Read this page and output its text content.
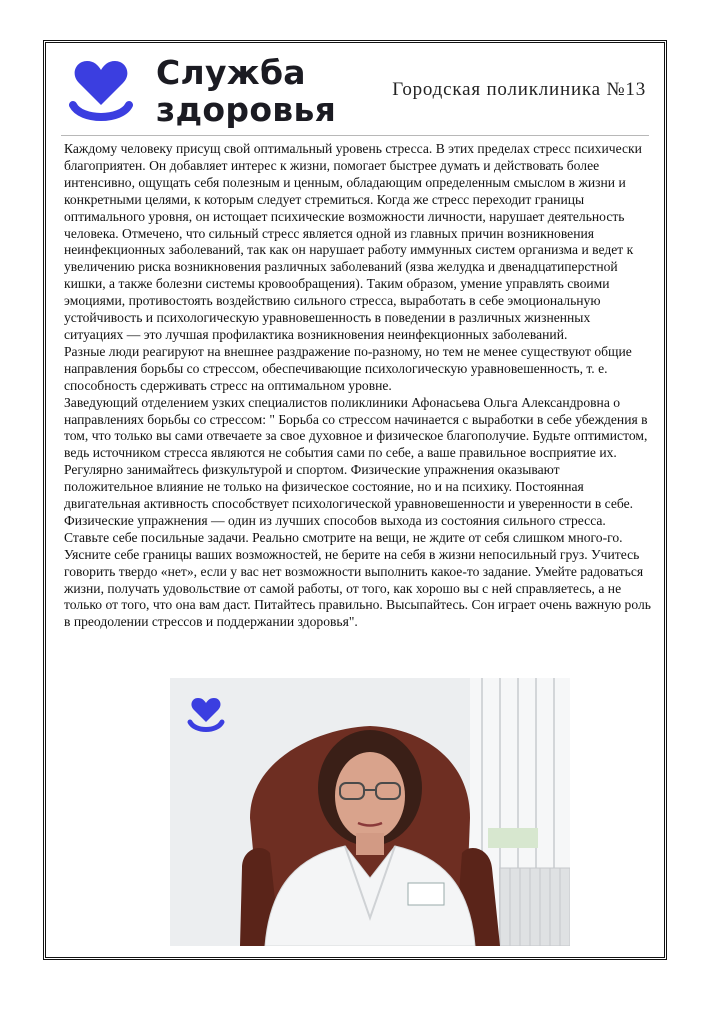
Служба
здоровья
Городская поликлиника №13

Каждому человеку присущ свой оптимальный уровень стресса. В этих пределах стресс психически благоприятен. Он добавляет интерес к жизни, помогает быстрее думать и действовать более интенсивно, ощущать себя полезным и ценным, обладающим определенным смыслом в жизни и конкретными целями, к которым следует стремиться. Когда же стресс переходит границы оптимального уровня, он истощает психические возможности личности, нарушает деятельность человека. Отмечено, что сильный стресс является одной из главных причин возникновения неинфекционных заболеваний, так как он нарушает работу иммунных систем организма и ведет к увеличению риска возникновения различных заболеваний (язва желудка и двенадцатиперстной кишки, а также болезни системы кровообращения). Таким образом, умение управлять своими эмоциями, противостоять воздействию сильного стресса, выработать в себе эмоциональную устойчивость и психологическую уравновешенность в поведении в различных жизненных ситуациях — это лучшая профилактика возникновения неинфекционных заболеваний.

Разные люди реагируют на внешнее раздражение по-разному, но тем не менее существуют общие направления борьбы со стрессом, обеспечивающие психологическую уравновешенность, т. е. способность сдерживать стресс на оптимальном уровне.

Заведующий отделением узких специалистов поликлиники Афонасьева Ольга Александровна о направлениях борьбы со стрессом: " Борьба со стрессом начинается с выработки в себе убеждения в том, что только вы сами отвечаете за свое духовное и физическое благополучие. Будьте оптимистом, ведь источником стресса являются не события сами по себе, а ваше правильное восприятие их.

Регулярно занимайтесь физкультурой и спортом. Физические упражнения оказывают положительное влияние не только на физическое состояние, но и на психику. Постоянная двигательная активность способствует психологической уравновешенности и уверенности в себе. Физические упражнения — один из лучших способов выхода из состояния сильного стресса.

Ставьте себе посильные задачи. Реально смотрите на вещи, не ждите от себя слишком много-го. Уясните себе границы ваших возможностей, не берите на себя в жизни непосильный груз. Учитесь говорить твердо «нет», если у вас нет возможности выполнить какое-то задание. Умейте радоваться жизни, получать удовольствие от самой работы, от того, как хорошо вы с ней справляетесь, а не только от того, что она вам даст. Питайтесь правильно. Высыпайтесь. Сон играет очень важную роль в преодолении стрессов и поддержании здоровья".
